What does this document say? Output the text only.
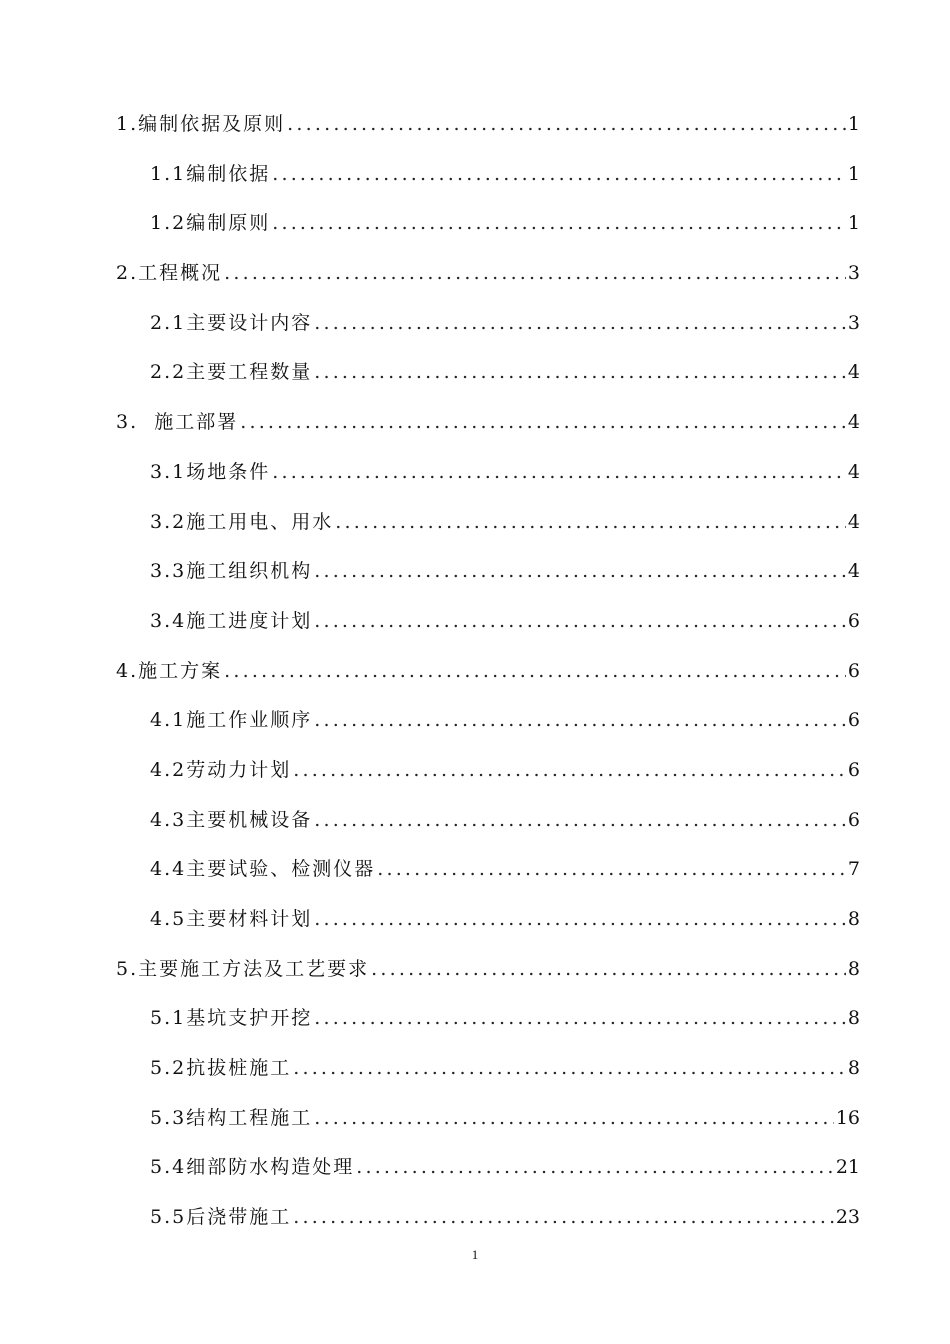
1.编制依据及原则 .....	1
1.1编制依据 .....	1
1.2编制原则 .....	1
2.工程概况 .....	3
2.1主要设计内容 .....	3
2.2主要工程数量 .....	4
3.  施工部署 .....	4
3.1场地条件 .....	4
3.2施工用电、用水 .....	4
3.3施工组织机构 .....	4
3.4施工进度计划 .....	6
4.施工方案 .....	6
4.1施工作业顺序 .....	6
4.2劳动力计划 .....	6
4.3主要机械设备 .....	6
4.4主要试验、检测仪器 .....	7
4.5主要材料计划 .....	8
5.主要施工方法及工艺要求 .....	8
5.1基坑支护开挖 .....	8
5.2抗拔桩施工 .....	8
5.3结构工程施工 .....	16
5.4细部防水构造处理 .....	21
5.5后浇带施工 .....	23
1
